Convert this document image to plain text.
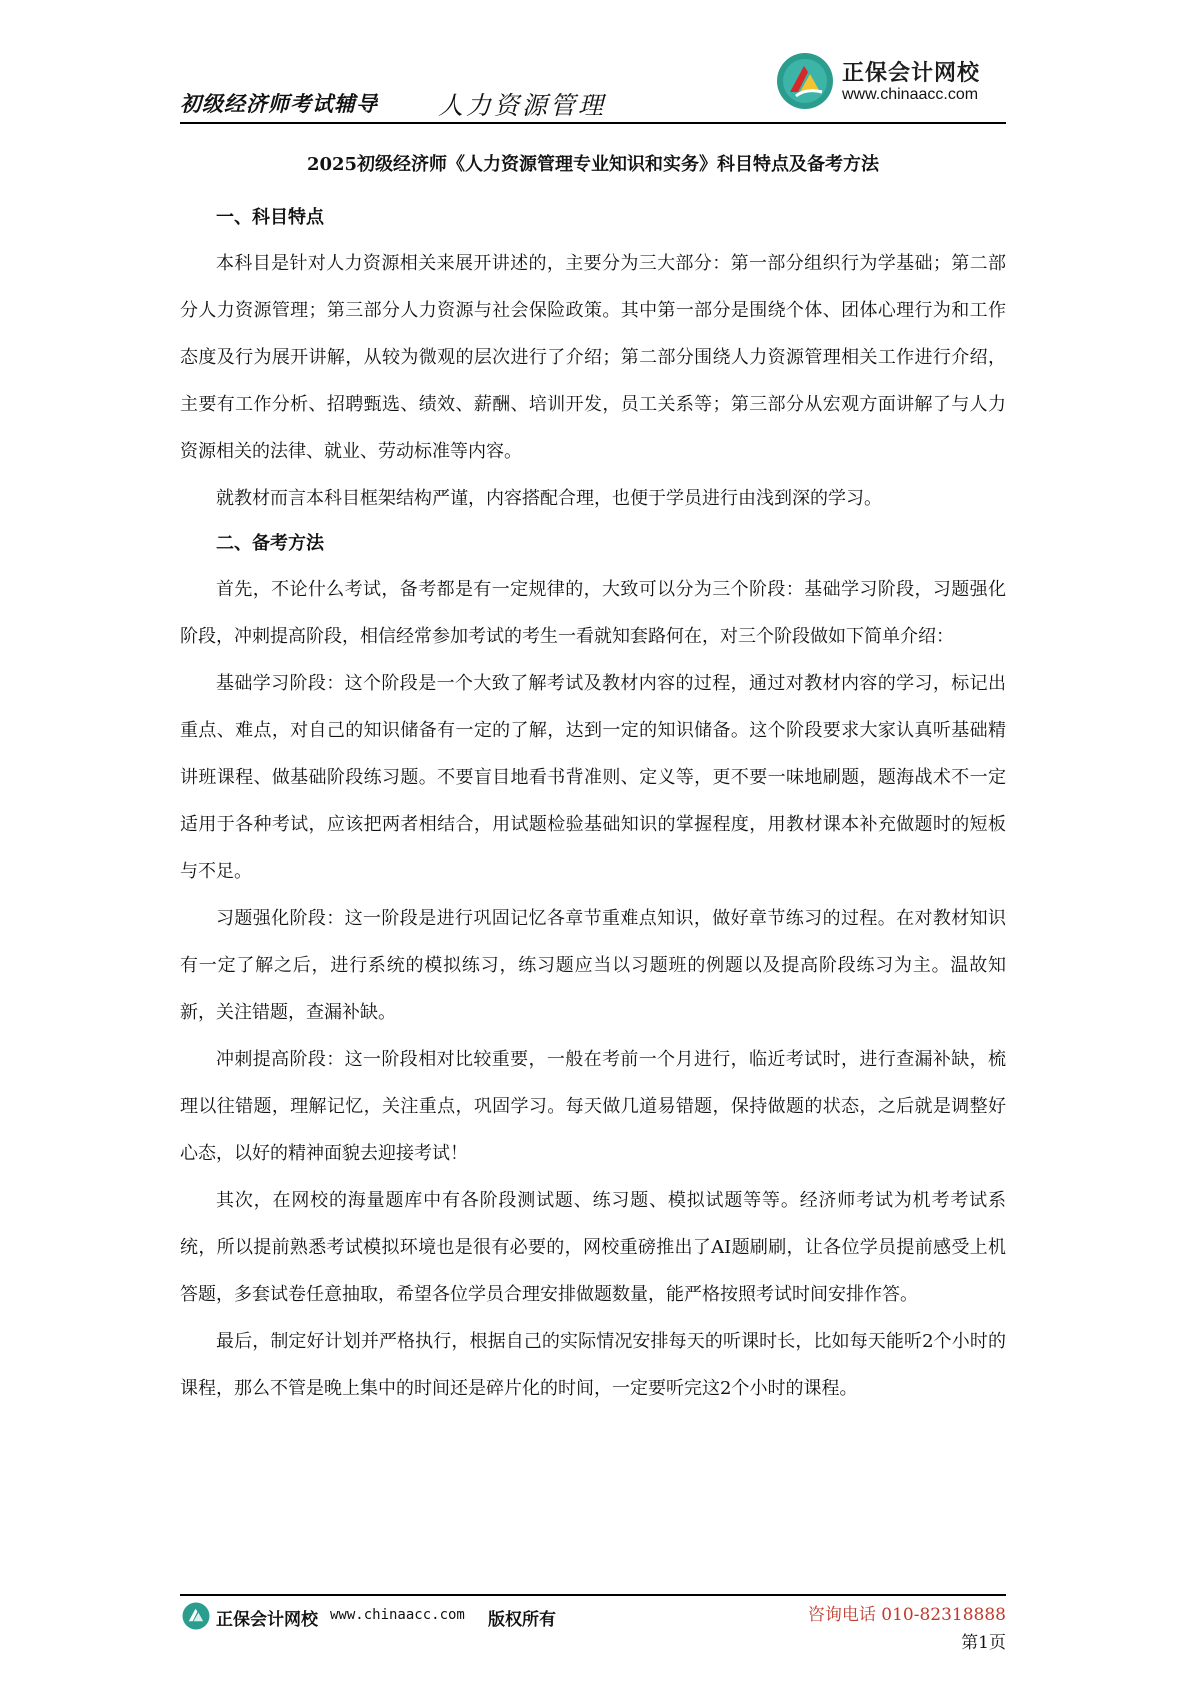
初级经济师考试辅导 人力资源管理
正保会计网校
www.chinaacc.com

2025初级经济师《人力资源管理专业知识和实务》科目特点及备考方法

一、科目特点

本科目是针对人力资源相关来展开讲述的，主要分为三大部分：第一部分组织行为学基础；第二部分人力资源管理；第三部分人力资源与社会保险政策。其中第一部分是围绕个体、团体心理行为和工作态度及行为展开讲解，从较为微观的层次进行了介绍；第二部分围绕人力资源管理相关工作进行介绍，主要有工作分析、招聘甄选、绩效、薪酬、培训开发，员工关系等；第三部分从宏观方面讲解了与人力资源相关的法律、就业、劳动标准等内容。

就教材而言本科目框架结构严谨，内容搭配合理，也便于学员进行由浅到深的学习。

二、备考方法

首先，不论什么考试，备考都是有一定规律的，大致可以分为三个阶段：基础学习阶段，习题强化阶段，冲刺提高阶段，相信经常参加考试的考生一看就知套路何在，对三个阶段做如下简单介绍：

基础学习阶段：这个阶段是一个大致了解考试及教材内容的过程，通过对教材内容的学习，标记出重点、难点，对自己的知识储备有一定的了解，达到一定的知识储备。这个阶段要求大家认真听基础精讲班课程、做基础阶段练习题。不要盲目地看书背准则、定义等，更不要一味地刷题，题海战术不一定适用于各种考试，应该把两者相结合，用试题检验基础知识的掌握程度，用教材课本补充做题时的短板与不足。

习题强化阶段：这一阶段是进行巩固记忆各章节重难点知识，做好章节练习的过程。在对教材知识有一定了解之后，进行系统的模拟练习，练习题应当以习题班的例题以及提高阶段练习为主。温故知新，关注错题，查漏补缺。

冲刺提高阶段：这一阶段相对比较重要，一般在考前一个月进行，临近考试时，进行查漏补缺，梳理以往错题，理解记忆，关注重点，巩固学习。每天做几道易错题，保持做题的状态，之后就是调整好心态，以好的精神面貌去迎接考试！

其次，在网校的海量题库中有各阶段测试题、练习题、模拟试题等等。经济师考试为机考考试系统，所以提前熟悉考试模拟环境也是很有必要的，网校重磅推出了AI题刷刷，让各位学员提前感受上机答题，多套试卷任意抽取，希望各位学员合理安排做题数量，能严格按照考试时间安排作答。

最后，制定好计划并严格执行，根据自己的实际情况安排每天的听课时长，比如每天能听2个小时的课程，那么不管是晚上集中的时间还是碎片化的时间，一定要听完这2个小时的课程。

正保会计网校 www.chinaacc.com 版权所有	咨询电话 010-82318888
第1页
